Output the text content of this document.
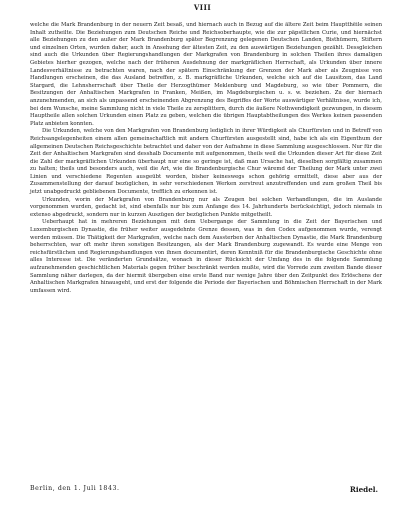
VIII

welche die Mark Brandenburg in der neuern Zeit besaß, und hiernach auch in Bezug auf die ältere Zeit beim Hauptthëile seinen Inhalt zutheilte. Die Beziehungen zum Deutschen Reiche und Reichsoberhaupte, wie die zur päpstlichen Curie, und hiernächst alle Beziehungen zu den außer der Mark Brandenburg später Begrenzung gelegenen Deutschen Landen, Bisthümern, Stiftern und einzelnen Orten, wurden daher, auch in Ansehung der ältesten Zeit, zu den auswärtigen Beziehungen gezählt. Dessgleichen sind auch die Urkunden über Regierungshandlungen der Markgrafen von Brandenburg in solchen Theilen ihres damaligen Gebietes hierher gezogen, welche nach der früheren Ausdehnung der markgräflichen Herrschaft, als Urkunden über innere Landesverhältnisse zu betrachten waren, nach der spätern Einschränkung der Grenzen der Mark aber als Zeugnisse von Handlungen erscheinen, die das Ausland betreffen, z. B. markgräfliche Urkunden, welche sich auf die Lausitzen, das Land Stargard, die Lehnsherrschaft über Theile der Herzogthümer Meklenburg und Magdeburg, so wie über Pommern, die Besitzungen der Anhaltischen Markgrafen in Franken, Meißen, im Magdeburgischen u. s. w. beziehen. Zu der hiernach anzunehmenden, an sich als unpassend erscheinenden Abgrenzung des Begriffes der Worte auswärtiger Verhältnisse, wurde ich, bei dem Wunsche, meine Sammlung nicht in viele Theile zu zersplittern, durch die äußere Nothwendigkeit gezwungen, in diesem Hauptheile allen solchen Urkunden einen Platz zu geben, welchen die übrigen Hauptabtheilungen des Werkes keinen passenden Platz anbieten konnten.

Die Urkunden, welche von den Markgrafen von Brandenburg lediglich in ihrer Würdigkeit als Churfürsten und in Betreff von Reichsangelegenheiten einem allen gemeinschaftlich mit andern Churfürsten ausgestellt sind, habe ich als ein Eigenthum der allgemeinen Deutschen Reichsgeschichte betrachtet und daher von der Aufnahme in diese Sammlung ausgeschlossen. Nur für die Zeit der Anhaltischen Markgrafen sind desshalb Documente mit aufgenommen, theils weil die Urkunden dieser Art für diese Zeit die Zahl der markgräflichen Urkunden überhaupt nur eine so geringe ist, daß man Ursache hat, dieselben sorgfältig zusammen zu halten; theils und besonders auch, weil die Art, wie die Brandenburgische Chur wäremd der Theilung der Mark unter zwei Linien und verschiedene Regenten ausgeübt worden, bisher keineswegs schon gehörig ermittelt, diese aber aus der Zusammenstellung der darauf bezüglichen, in sehr verschiedenen Werken zerstreut anzutreffenden und zum großen Theil bis jetzt unabgedruckt gebliebenen Documente, trefflich zu erkennen ist.

Urkunden, worin der Markgrafen von Brandenburg nur als Zeugen bei solchen Verhandlungen, die im Auslande vorgenommen wurden, gedacht ist, sind ebenfalls nur bis zum Anfange des 14. Jahrhunderts berücksichtigt, jedoch niemals in extenso abgedruckt, sondern nur in kurzen Auszügen der bezüglichen Punkte mitgetheilt.

Ueberhaupt hat in mehreren Beziehungen mit dem Uebergange der Sammlung in die Zeit der Bayerischen und Luxemburgischen Dynastie, die früher weiter ausgedehnte Grenze dessen, was in den Codex aufgenommen wurde, verengt werden müssen. Die Thätigkeit der Markgrafen, welche nach dem Aussterben der Anhaltischen Dynastie, die Mark Brandenburg beherrschten, war oft mehr ihren sonstigen Besitzungen, als der Mark Brandenburg zugewandt. Es wurde eine Menge von reichsfürstlichen und Regierungshandlungen von ihnen documentirt, deren Kenntniß für die Brandenburgische Geschichte ohne alles Interesse ist. Die veränderten Grundsätze, wonach in dieser Rücksicht der Umfang des in die folgende Sammlung aufzunehmenden geschichtlichen Materials gegen früher beschränkt werden mußte, wird die Vorrede zum zweiten Bande dieser Sammlung näher darlegen, da der hiermit übergeben eine erste Band nur wenige Jahre über den Zeitpunkt des Erlöschens der Anhaltischen Markgrafen hinausgeht, und erst der folgende die Periode der Bayerischen und Böhmischen Herrschaft in der Mark umfassen wird.

Berlin, den 1. Juli 1843.	Riedel.
